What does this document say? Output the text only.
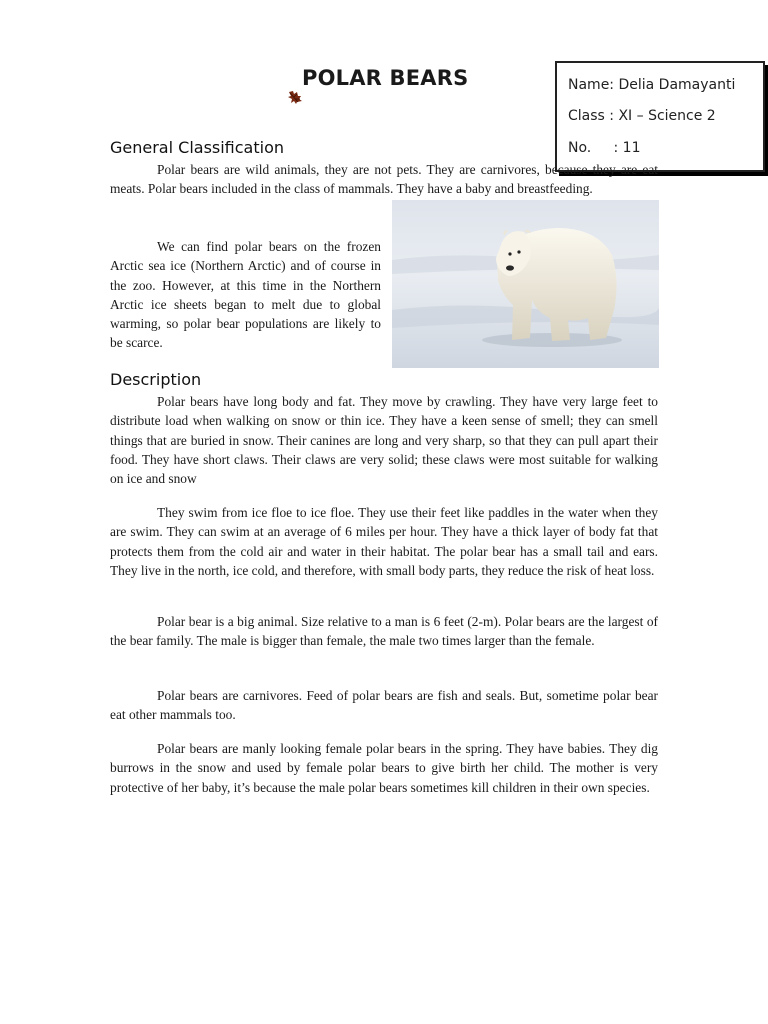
POLAR BEARS	Name: Delia Damayanti
Class : XI – Science 2
No.     : 11
General Classification

Polar bears are wild animals, they are not pets. They are carnivores, because they are eat meats. Polar bears included in the class of mammals. They have a baby and breastfeeding.

We can find polar bears on the frozen Arctic sea ice (Northern Arctic) and of course in the zoo. However, at this time in the Northern Arctic ice sheets began to melt due to global warming, so polar bear populations are likely to be scarce.

Description

Polar bears have long body and fat. They move by crawling. They have very large feet to distribute load when walking on snow or thin ice. They have a keen sense of smell; they can smell things that are buried in snow. Their canines are long and very sharp, so that they can pull apart their food. They have short claws. Their claws are very solid; these claws were most suitable for walking on ice and snow

They swim from ice floe to ice floe. They use their feet like paddles in the water when they are swim. They can swim at an average of 6 miles per hour. They have a thick layer of body fat that protects them from the cold air and water in their habitat. The polar bear has a small tail and ears. They live in the north, ice cold, and therefore, with small body parts, they reduce the risk of heat loss.

Polar bear is a big animal. Size relative to a man is 6 feet (2-m). Polar bears are the largest of the bear family. The male is bigger than female, the male two times larger than the female.

Polar bears are carnivores. Feed of polar bears are fish and seals. But, sometime polar bear eat other mammals too.

Polar bears are manly looking female polar bears in the spring. They have babies. They dig burrows in the snow and used by female polar bears to give birth her child. The mother is very protective of her baby, it’s because the male polar bears sometimes kill children in their own species.
